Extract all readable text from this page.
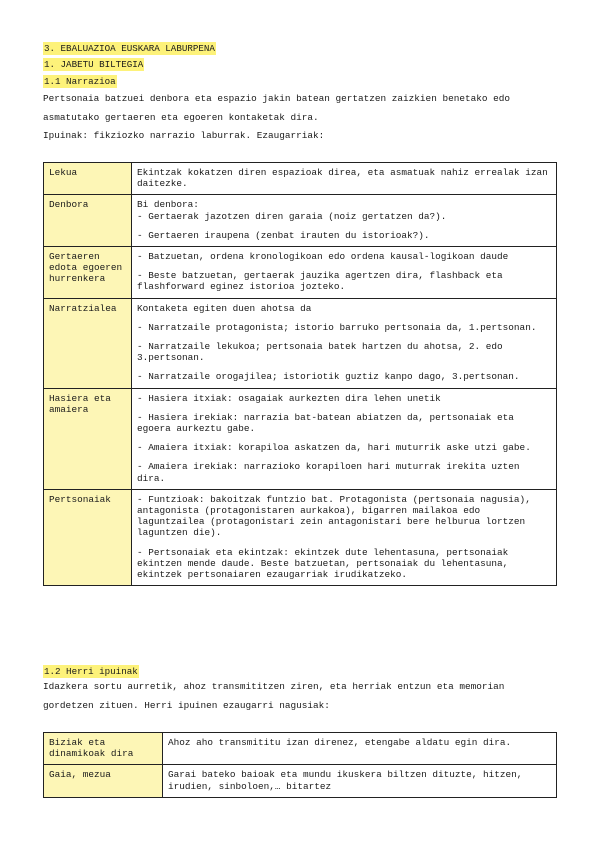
3. EBALUAZIOA EUSKARA LABURPENA
1. JABETU BILTEGIA
1.1 Narrazioa
Pertsonaia batzuei denbora eta espazio jakin batean gertatzen zaizkien benetako edo
asmatutako gertaeren eta egoeren kontaketak dira.
Ipuinak: fikziozko narrazio laburrak. Ezaugarriak:
Lekua	Ekintzak kokatzen diren espazioak direa, eta asmatuak nahiz errealak izan daitezke.

Denbora	Bi denbora:
- Gertaerak jazotzen diren garaia (noiz gertatzen da?).

- Gertaeren iraupena (zenbat irauten du istorioak?).

Gertaeren edota egoeren hurrenkera	- Batzuetan, ordena kronologikoan edo ordena kausal-logikoan daude

- Beste batzuetan, gertaerak jauzika agertzen dira, flashback eta flashforward eginez istorioa jozteko.

Narratzialea	Kontaketa egiten duen ahotsa da

- Narratzaile protagonista; istorio barruko pertsonaia da, 1.pertsonan.

- Narratzaile lekukoa; pertsonaia batek hartzen du ahotsa, 2. edo 3.pertsonan.

- Narratzaile orogajilea; istoriotik guztiz kanpo dago, 3.pertsonan.

Hasiera eta amaiera	- Hasiera itxiak: osagaiak aurkezten dira lehen unetik

- Hasiera irekiak: narrazia bat-batean abiatzen da, pertsonaiak eta egoera aurkeztu gabe.

- Amaiera itxiak: korapiloa askatzen da, hari muturrik aske utzi gabe.

- Amaiera irekiak: narrazioko korapiloen hari muturrak irekita uzten dira.

Pertsonaiak	- Funtzioak: bakoitzak funtzio bat. Protagonista (pertsonaia nagusia), antagonista (protagonistaren aurkakoa), bigarren mailakoa edo laguntzailea (protagonistari zein antagonistari bere helburua lortzen laguntzen die).

- Pertsonaiak eta ekintzak: ekintzek dute lehentasuna, pertsonaiak ekintzen mende daude. Beste batzuetan, pertsonaiak du lehentasuna, ekintzek pertsonaiaren ezaugarriak irudikatzeko.

1.2 Herri ipuinak
Idazkera sortu aurretik, ahoz transmititzen ziren, eta herriak entzun eta memorian
gordetzen zituen. Herri ipuinen ezaugarri nagusiak:
Biziak eta dinamikoak dira	Ahoz aho transmititu izan direnez, etengabe aldatu egin dira.

Gaia, mezua	Garai bateko baioak eta mundu ikuskera biltzen dituzte, hitzen, irudien, sinboloen,… bitartez
